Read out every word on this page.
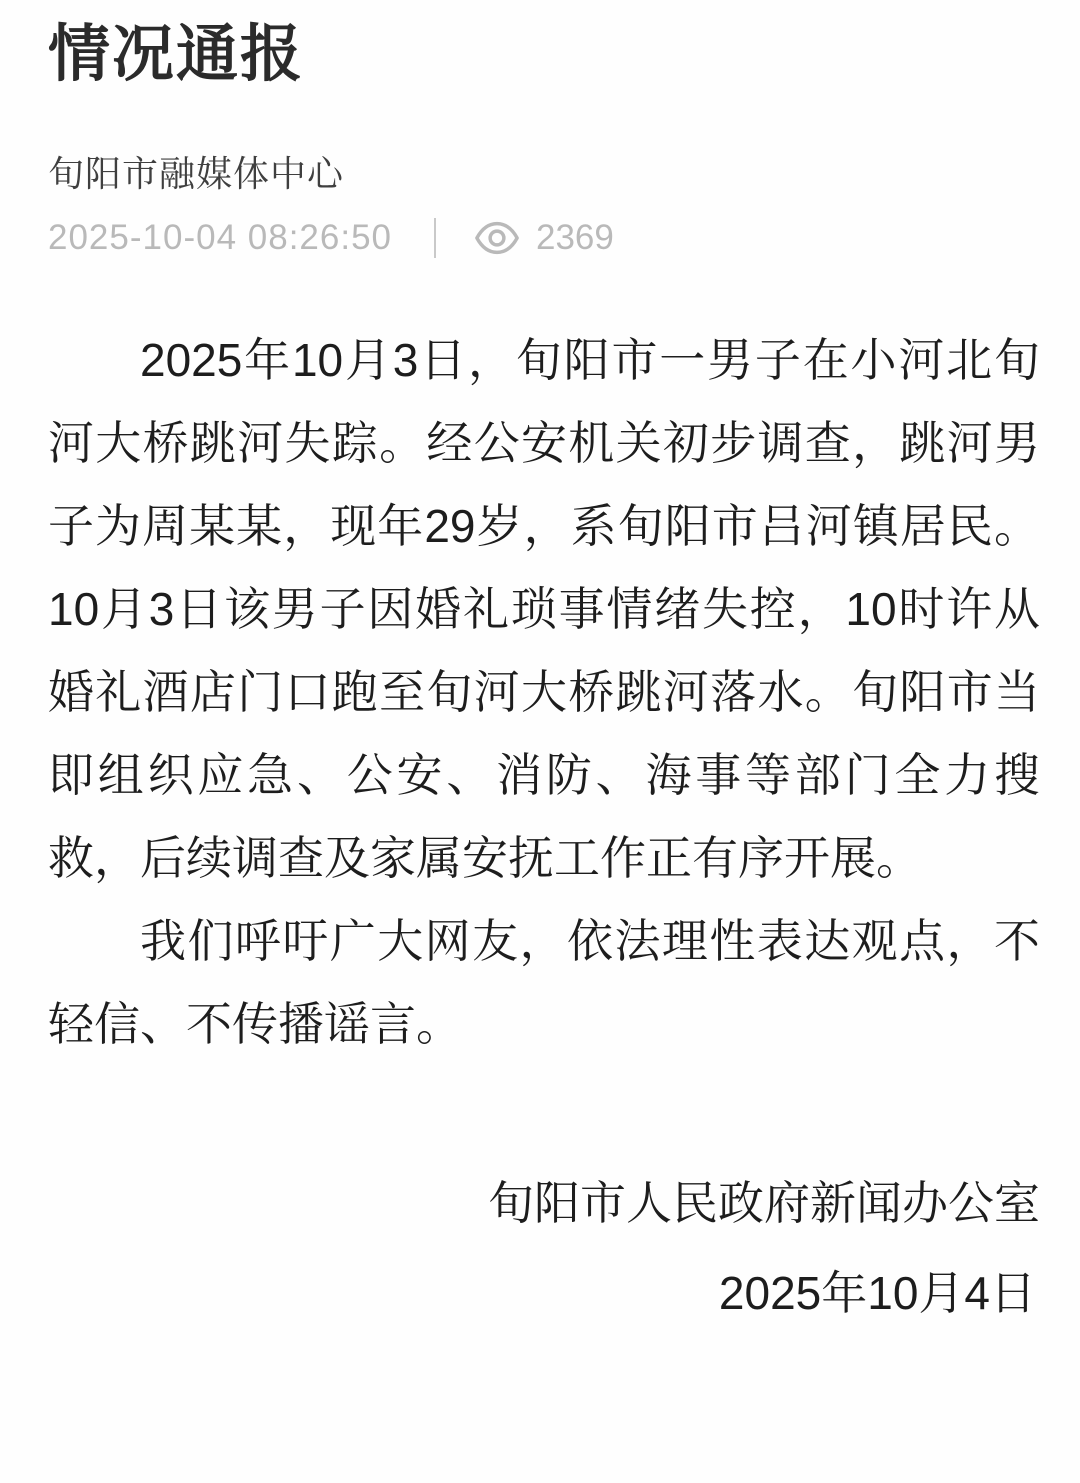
情况通报
旬阳市融媒体中心
2025-10-04 08:26:50	2369

2025年10月3日，旬阳市一男子在小河北旬河大桥跳河失踪。经公安机关初步调查，跳河男子为周某某，现年29岁，系旬阳市吕河镇居民。10月3日该男子因婚礼琐事情绪失控，10时许从婚礼酒店门口跑至旬河大桥跳河落水。旬阳市当即组织应急、公安、消防、海事等部门全力搜救，后续调查及家属安抚工作正有序开展。

我们呼吁广大网友，依法理性表达观点，不轻信、不传播谣言。

旬阳市人民政府新闻办公室
2025年10月4日
